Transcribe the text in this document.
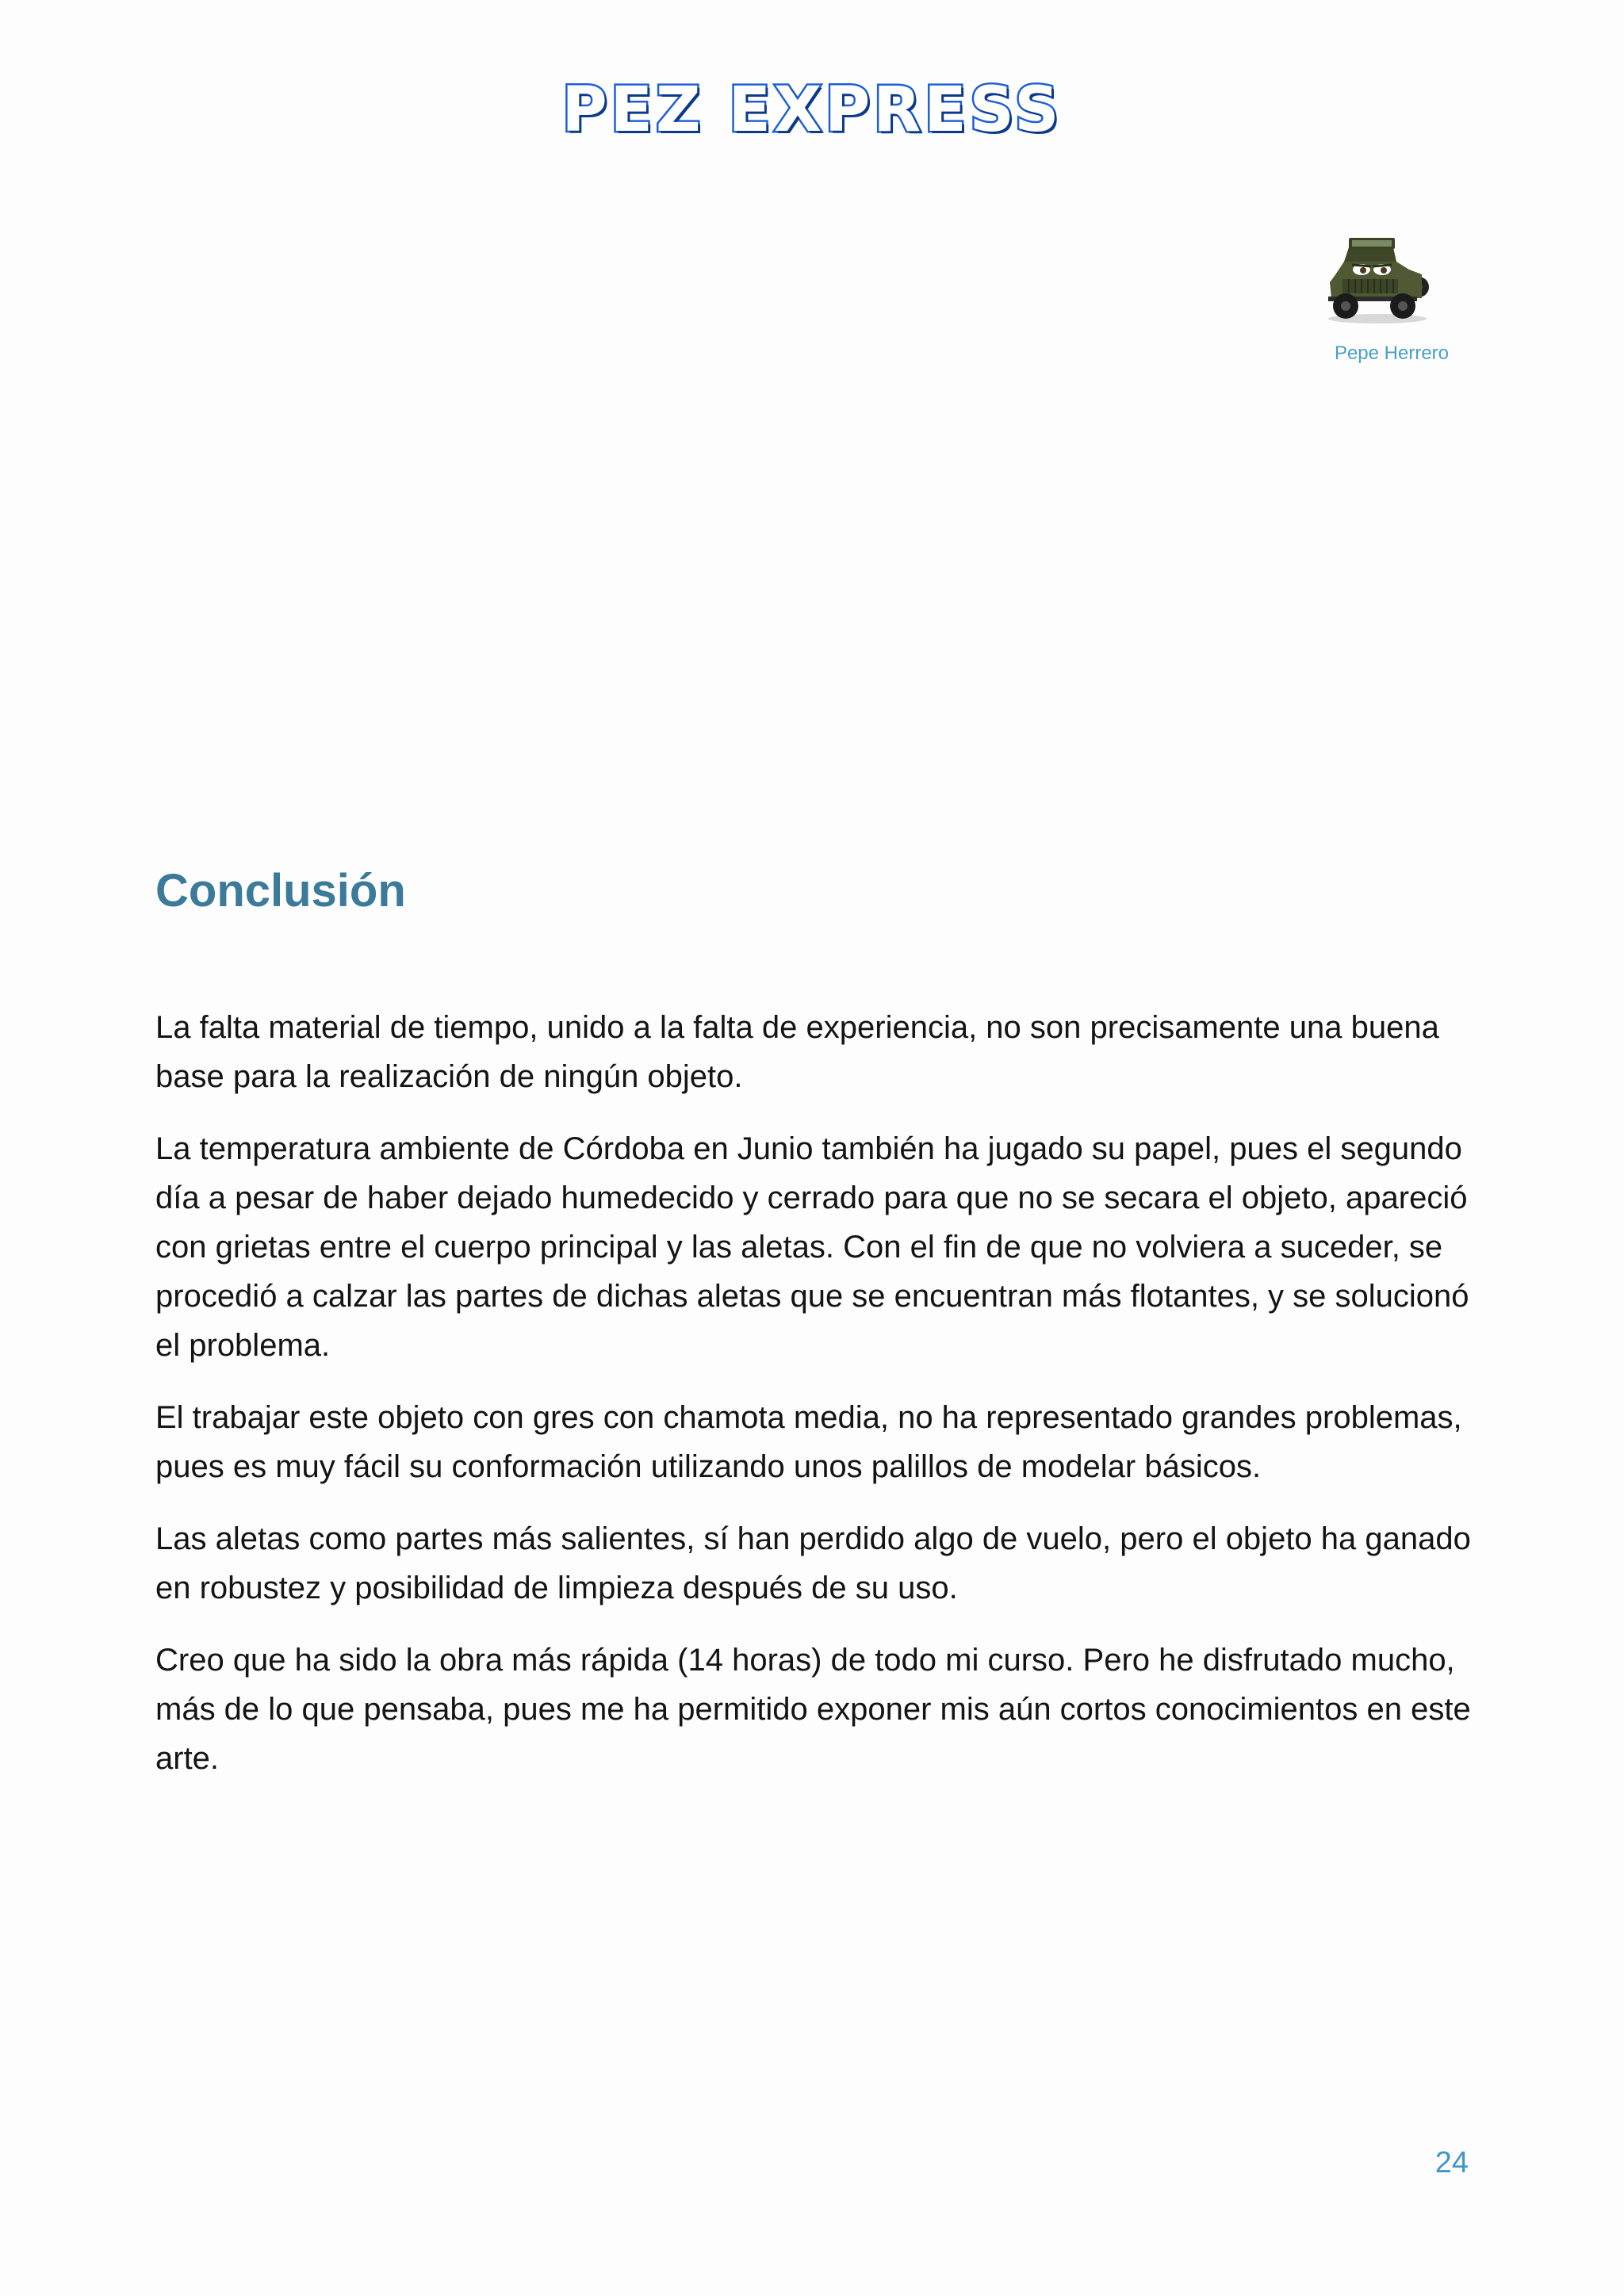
PEZ EXPRESS
Pepe Herrero
Conclusión

La falta material de tiempo, unido a la falta de experiencia, no son precisamente una buena base para la realización de ningún objeto.

La temperatura ambiente de Córdoba en Junio también ha jugado su papel, pues el segundo día a pesar de haber dejado humedecido y cerrado para que no se secara el objeto, apareció con grietas entre el cuerpo principal y las aletas. Con el fin de que no volviera a suceder, se procedió a calzar las partes de dichas aletas que se encuentran más flotantes, y se solucionó el problema.

El trabajar este objeto con gres con chamota media, no ha representado grandes problemas, pues es muy fácil su conformación utilizando unos palillos de modelar básicos.

Las aletas como partes más salientes, sí han perdido algo de vuelo, pero el objeto ha ganado en robustez y posibilidad de limpieza después de su uso.

Creo que ha sido la obra más rápida (14 horas) de todo mi curso. Pero he disfrutado mucho, más de lo que pensaba, pues me ha permitido exponer mis aún cortos conocimientos en este arte.

24
